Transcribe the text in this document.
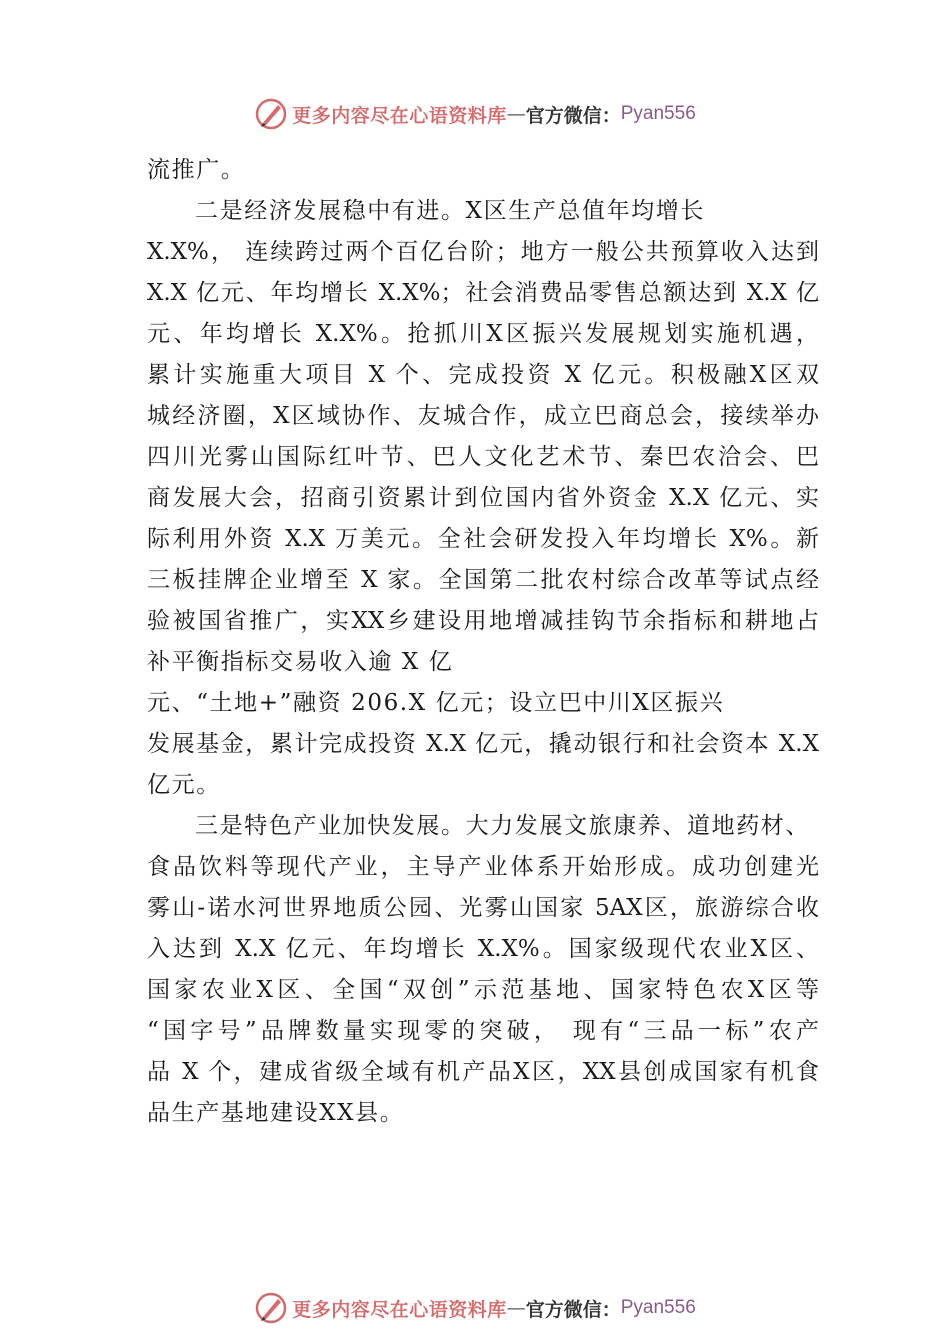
更多内容尽在心语资料库 — 官方微信： Pyan556
流推广。
二是经济发展稳中有进。X区生产总值年均增长
X.X%， 连续跨过两个百亿台阶；地方一般公共预算收入达到
X.X 亿元、年均增长 X.X%；社会消费品零售总额达到 X.X 亿
元、年均增长 X.X%。抢抓川X区振兴发展规划实施机遇，
累计实施重大项目 X 个、完成投资 X 亿元。积极融X区双
城经济圈，X区域协作、友城合作，成立巴商总会，接续举办
四川光雾山国际红叶节、巴人文化艺术节、秦巴农洽会、巴
商发展大会，招商引资累计到位国内省外资金 X.X 亿元、实
际利用外资 X.X 万美元。全社会研发投入年均增长 X%。新
三板挂牌企业增至 X 家。全国第二批农村综合改革等试点经
验被国省推广，实XX乡建设用地增减挂钩节余指标和耕地占
补平衡指标交易收入逾 X 亿
元、“土地+”融资 206.X 亿元；设立巴中川X区振兴
发展基金，累计完成投资 X.X 亿元，撬动银行和社会资本 X.X
亿元。
三是特色产业加快发展。大力发展文旅康养、道地药材、
食品饮料等现代产业，主导产业体系开始形成。成功创建光
雾山-诺水河世界地质公园、光雾山国家 5AX区，旅游综合收
入达到 X.X 亿元、年均增长 X.X%。国家级现代农业X区、
国家农业X区、全国“双创”示范基地、国家特色农X区等
“国字号”品牌数量实现零的突破， 现有“三品一标”农产
品 X 个，建成省级全域有机产品X区，XX县创成国家有机食
品生产基地建设XX县。
更多内容尽在心语资料库 — 官方微信： Pyan556
